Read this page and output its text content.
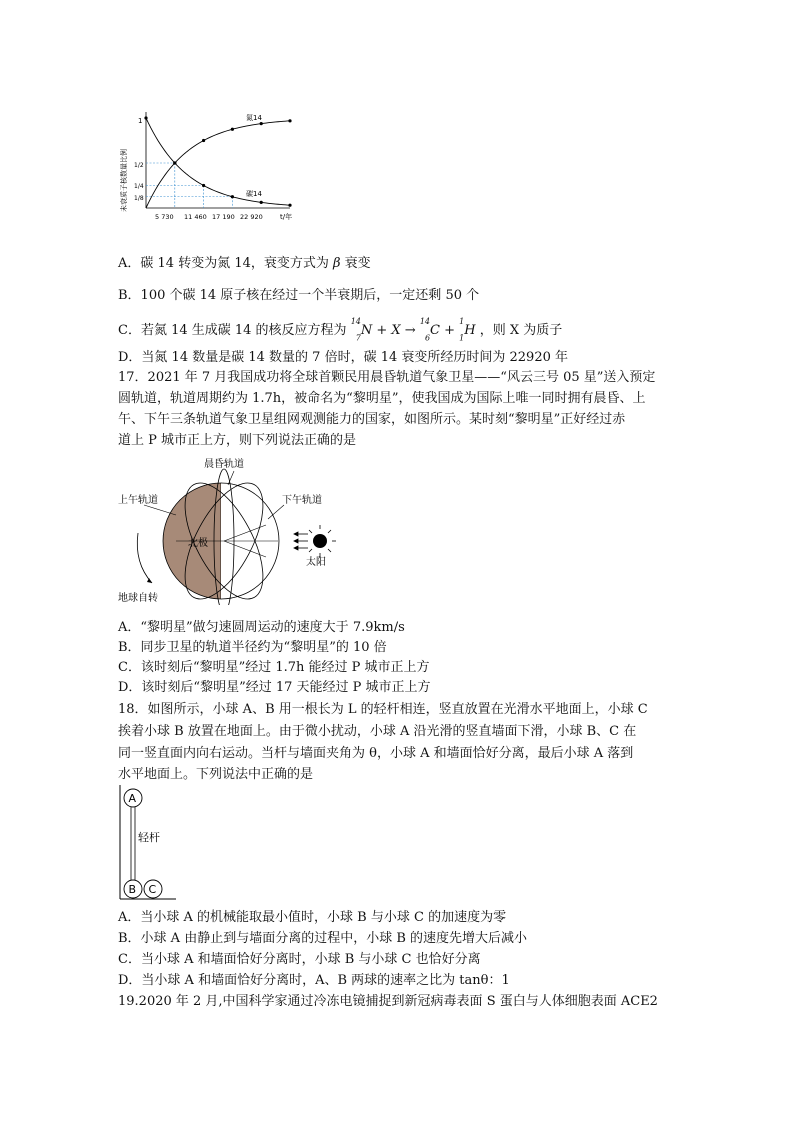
未衰质子核数量比例
1
1/2
1/4
1/8
5 730 11 460 17 190 22 920 t/年
氮14
碳14
A．碳 14 转变为氮 14，衰变方式为 β 衰变
B．100 个碳 14 原子核在经过一个半衰期后，一定还剩 50 个
C．若氮 14 生成碳 14 的核反应方程为 $^{14}$
$_7$N + X → $^{14}$
$_6$C + $^1$
$_1$H ，则 X 为质子
D．当氮 14 数量是碳 14 数量的 7 倍时，碳 14 衰变所经历时间为 22920 年
17．2021 年 7 月我国成功将全球首颗民用晨昏轨道气象卫星——“风云三号 05 星”送入预定
圆轨道，轨道周期约为 1.7h，被命名为“黎明星”，使我国成为国际上唯一同时拥有晨昏、上
午、下午三条轨道气象卫星组网观测能力的国家，如图所示。某时刻“黎明星”正好经过赤
道上 P 城市正上方，则下列说法正确的是
晨昏轨道
上午轨道	下午轨道
北极
太阳
地球自转
A．“黎明星”做匀速圆周运动的速度大于 7.9km/s
B．同步卫星的轨道半径约为“黎明星”的 10 倍
C．该时刻后“黎明星”经过 1.7h 能经过 P 城市正上方
D．该时刻后“黎明星”经过 17 天能经过 P 城市正上方
18．如图所示，小球 A、B 用一根长为 L 的轻杆相连，竖直放置在光滑水平地面上，小球 C
挨着小球 B 放置在地面上。由于微小扰动，小球 A 沿光滑的竖直墙面下滑，小球 B、C 在
同一竖直面内向右运动。当杆与墙面夹角为 θ，小球 A 和墙面恰好分离，最后小球 A 落到
水平地面上。下列说法中正确的是
A
B C
轻杆
A．当小球 A 的机械能取最小值时，小球 B 与小球 C 的加速度为零
B．小球 A 由静止到与墙面分离的过程中，小球 B 的速度先增大后减小
C．当小球 A 和墙面恰好分离时，小球 B 与小球 C 也恰好分离
D．当小球 A 和墙面恰好分离时，A、B 两球的速率之比为 tanθ：1
19.2020 年 2 月,中国科学家通过冷冻电镜捕捉到新冠病毒表面 S 蛋白与人体细胞表面 ACE2
